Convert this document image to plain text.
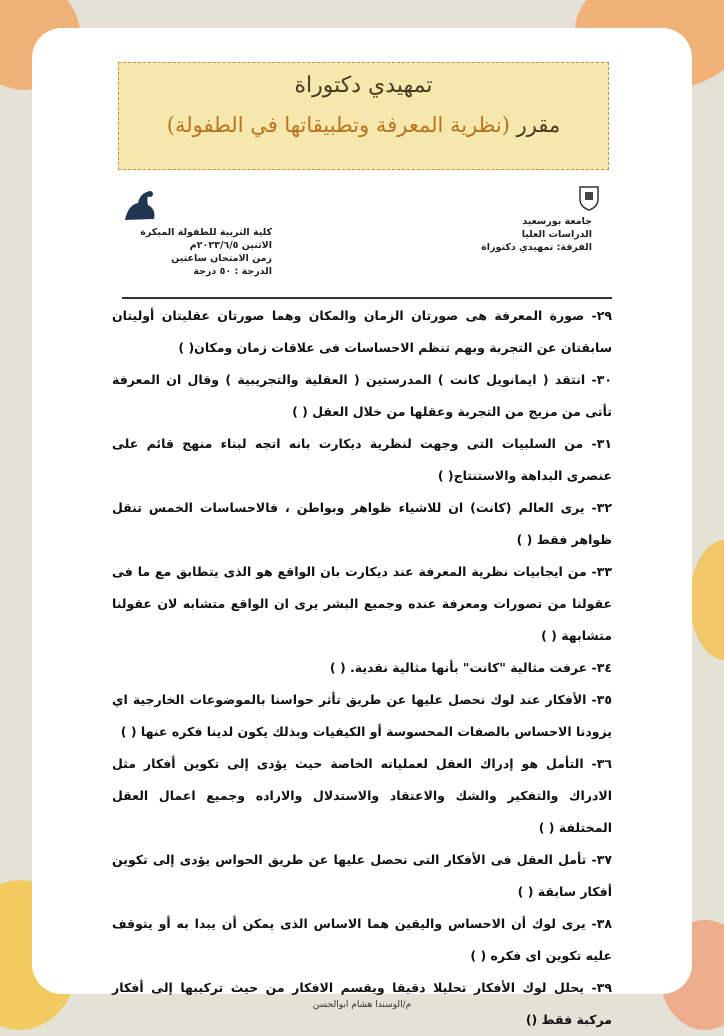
تمهيدي دكتوراة
مقرر (نظرية المعرفة وتطبيقاتها في الطفولة)
جامعة بورسعيد
الدراسات العليا
الفرقة: تمهيدي دكتوراة
كلية التربية للطفولة المبكرة
الاثنين ٢٠٢٣/٦/٥م
زمن الامتحان ساعتين
الدرجة : ٥٠ درجة

٢٩- صورة المعرفة هى صورتان الزمان والمكان وهما صورتان عقليتان أوليتان سابقتان عن التجربة وبهم تنظم الاحساسات فى علاقات زمان ومكان( )

٣٠- انتقد ( ايمانويل كانت ) المدرستين ( العقلية والتجريبية ) وقال ان المعرفة تأتى من مزيج من التجربة وعقلها من خلال العقل ( )

٣١- من السلبيات التى وجهت لنظرية ديكارت بانه اتجه لبناء منهج قائم على عنصرى البداهة والاستنتاج( )

٣٢- يرى العالم (كانت) ان للاشياء ظواهر وبواطن ، فالاحساسات الخمس تنقل ظواهر فقط ( )

٣٣- من ايجابيات نظرية المعرفة عند ديكارت بان الواقع هو الذى يتطابق مع ما فى عقولنا من تصورات ومعرفة عنده وجميع البشر يرى ان الواقع متشابه لان عقولنا متشابهة ( )

٣٤- عرفت مثالية "كانت" بأنها مثالية نقدية. ( )

٣٥- الأفكار عند لوك نحصل عليها عن طريق تأثر حواسنا بالموضوعات الخارجية اي يزودنا الاحساس بالصفات المحسوسة أو الكيفيات وبذلك يكون لدينا فكره عنها ( )

٣٦- التأمل هو إدراك العقل لعملياته الخاصة حيث يؤدى إلى تكوين أفكار مثل الادراك والتفكير والشك والاعتقاد والاستدلال والاراده وجميع اعمال العقل المختلفة ( )

٣٧- تأمل العقل فى الأفكار التى نحصل عليها عن طريق الحواس يؤدى إلى تكوين أفكار سابقة ( )

٣٨- يرى لوك أن الاحساس واليقين هما الاساس الذى يمكن أن يبدا به أو يتوقف عليه تكوين اى فكره ( )

٣٩- يحلل لوك الأفكار تحليلا دقيقا ويقسم الافكار من حيث تركيبها إلى أفكار مركبة فقط ()

م/الوسندا هشام ابوالحسن
